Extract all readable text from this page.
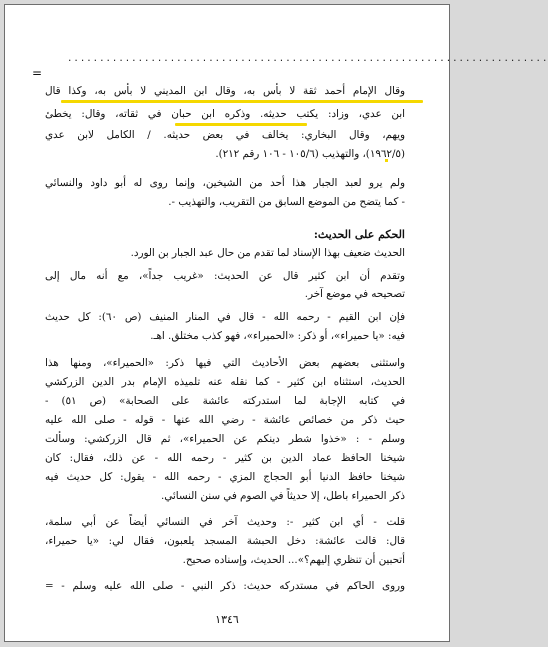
...........................................................................
=
وقال الإمام أحمد ثقة لا بأس به، وقال ابن المديني لا بأس به، وكذا قال
ابن عدي، وزاد: يكتب حديثه. وذكره ابن حبان في ثقاته، وقال: يخطئ
ويهم، وقال البخاري: يخالف في بعض حديثه. / الكامل لابن عدي
(١٩٦٢/٥)، والتهذيب (١٠٥/٦ - ١٠٦ رقم ٢١٢).
ولم يرو لعبد الجبار هذا أحد من الشيخين، وإنما روى له أبو داود والنسائي
- كما يتضح من الموضع السابق من التقريب، والتهذيب -.
الحكم على الحديث:
الحديث ضعيف بهذا الإسناد لما تقدم من حال عبد الجبار بن الورد.
وتقدم أن ابن كثير قال عن الحديث: «غريب جداً»، مع أنه مال إلى
تصحيحه في موضع آخر.
فإن ابن القيم - رحمه الله - قال في المنار المنيف (ص ٦٠): كل حديث
فيه: «يا حميراء»، أو ذكر: «الحميراء»، فهو كذب مختلق. اهـ.
واستثنى بعضهم بعض الأحاديث التي فيها ذكر: «الحميراء»، ومنها هذا
الحديث، استثناه ابن كثير - كما نقله عنه تلميذه الإمام بدر الدين الزركشي
في كتابه الإجابة لما استدركته عائشة على الصحابة» (ص ٥١) -
حيث ذكر من خصائص عائشة - رضي الله عنها - قوله - صلى الله عليه
وسلم - : «خذوا شطر دينكم عن الحميراء»، ثم قال الزركشي: وسألت
شيخنا الحافظ عماد الدين بن كثير - رحمه الله - عن ذلك، فقال: كان
شيخنا حافظ الدنيا أبو الحجاج المزي - رحمه الله - يقول: كل حديث فيه
ذكر الحميراء باطل، إلا حديثاً في الصوم في سنن النسائي.
قلت - أي ابن كثير -: وحديث آخر في النسائي أيضاً عن أبي سلمة،
قال: قالت عائشة: دخل الحبشة المسجد يلعبون، فقال لي: «يا حميراء،
أتحبين أن تنظري إليهم؟»... الحديث، وإسناده صحيح.
وروى الحاكم في مستدركه حديث: ذكر النبي - صلى الله عليه وسلم - =
١٣٤٦
